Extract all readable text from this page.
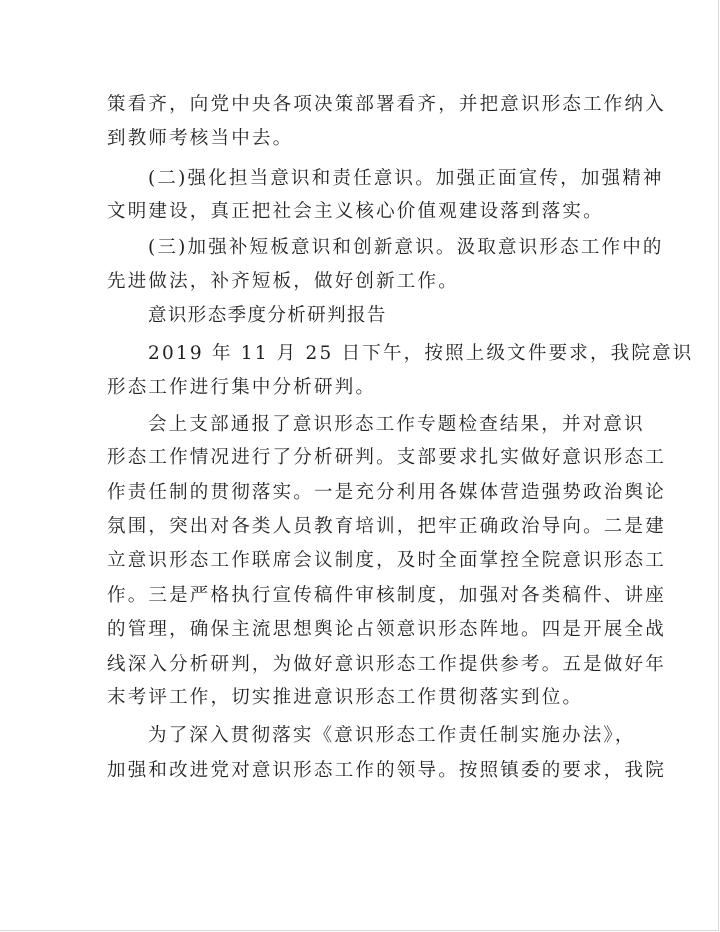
策看齐，向党中央各项决策部署看齐，并把意识形态工作纳入
到教师考核当中去。
(二)强化担当意识和责任意识。加强正面宣传，加强精神
文明建设，真正把社会主义核心价值观建设落到落实。
(三)加强补短板意识和创新意识。汲取意识形态工作中的
先进做法，补齐短板，做好创新工作。
意识形态季度分析研判报告
2019 年 11 月 25 日下午，按照上级文件要求，我院意识
形态工作进行集中分析研判。
会上支部通报了意识形态工作专题检查结果，并对意识
形态工作情况进行了分析研判。支部要求扎实做好意识形态工
作责任制的贯彻落实。一是充分利用各媒体营造强势政治舆论
氛围，突出对各类人员教育培训，把牢正确政治导向。二是建
立意识形态工作联席会议制度，及时全面掌控全院意识形态工
作。三是严格执行宣传稿件审核制度，加强对各类稿件、讲座
的管理，确保主流思想舆论占领意识形态阵地。四是开展全战
线深入分析研判，为做好意识形态工作提供参考。五是做好年
末考评工作，切实推进意识形态工作贯彻落实到位。
为了深入贯彻落实《意识形态工作责任制实施办法》，
加强和改进党对意识形态工作的领导。按照镇委的要求，我院
